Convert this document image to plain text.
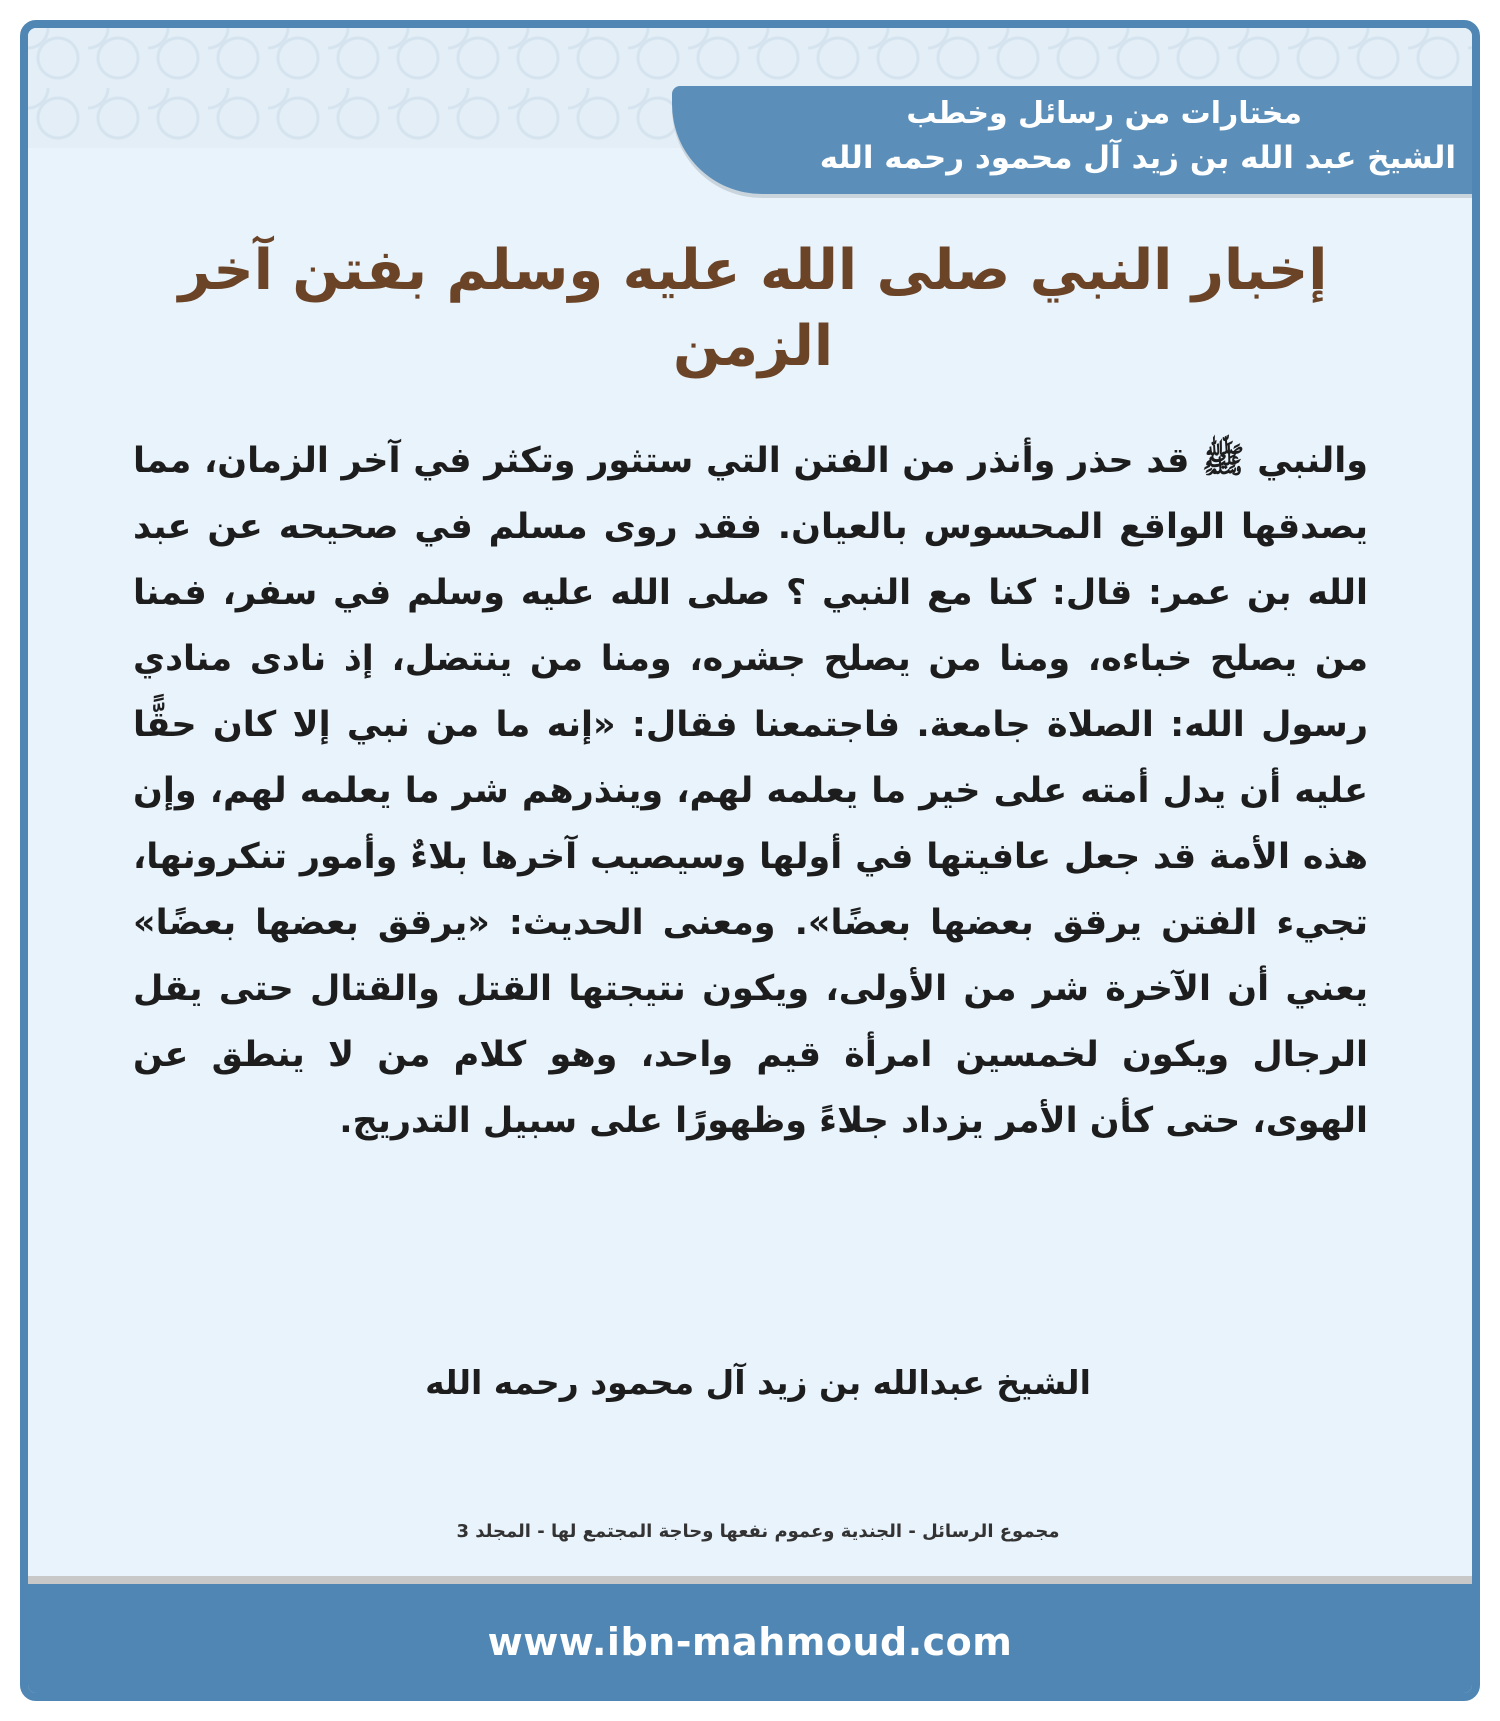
مختارات من رسائل وخطب
الشيخ عبد الله بن زيد آل محمود رحمه الله
إخبار النبي صلى الله عليه وسلم بفتن آخر الزمن
والنبي ﷺ قد حذر وأنذر من الفتن التي ستثور وتكثر في آخر الزمان، مما يصدقها الواقع المحسوس بالعيان. فقد روى مسلم في صحيحه عن عبد الله بن عمر: قال: كنا مع النبي ؟ صلى الله عليه وسلم في سفر، فمنا من يصلح خباءه، ومنا من يصلح جشره، ومنا من ينتضل، إذ نادى منادي رسول الله: الصلاة جامعة. فاجتمعنا فقال: «إنه ما من نبي إلا كان حقًّا عليه أن يدل أمته على خير ما يعلمه لهم، وينذرهم شر ما يعلمه لهم، وإن هذه الأمة قد جعل عافيتها في أولها وسيصيب آخرها بلاءٌ وأمور تنكرونها، تجيء الفتن يرقق بعضها بعضًا». ومعنى الحديث: «يرقق بعضها بعضًا» يعني أن الآخرة شر من الأولى، ويكون نتيجتها القتل والقتال حتى يقل الرجال ويكون لخمسين امرأة قيم واحد، وهو كلام من لا ينطق عن الهوى، حتى كأن الأمر يزداد جلاءً وظهورًا على سبيل التدريج.
الشيخ عبدالله بن زيد آل محمود رحمه الله
مجموع الرسائل - الجندية وعموم نفعها وحاجة المجتمع لها - المجلد 3
www.ibn-mahmoud.com
